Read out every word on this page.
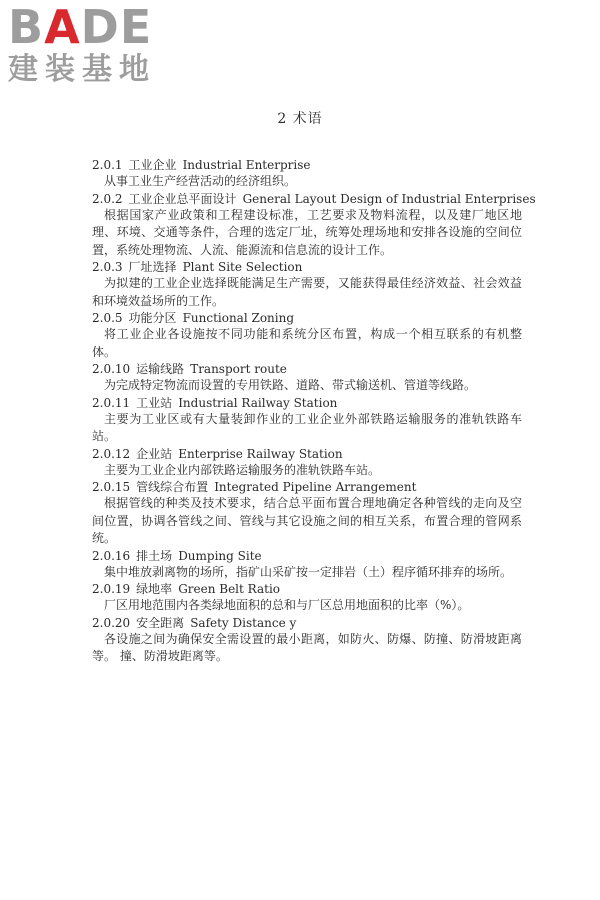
B A DE
建装基地
2 术语
2.0.1 工业企业 Industrial Enterprise
从事工业生产经营活动的经济组织。
2.0.2 工业企业总平面设计 General Layout Design of Industrial Enterprises
根据国家产业政策和工程建设标准，工艺要求及物料流程，以及建厂地区地理、环境、交通等条件，合理的选定厂址，统筹处理场地和安排各设施的空间位置，系统处理物流、人流、能源流和信息流的设计工作。
2.0.3 厂址选择 Plant Site Selection
为拟建的工业企业选择既能满足生产需要，又能获得最佳经济效益、社会效益和环境效益场所的工作。
2.0.5 功能分区 Functional Zoning
将工业企业各设施按不同功能和系统分区布置，构成一个相互联系的有机整体。
2.0.10 运输线路 Transport route
为完成特定物流而设置的专用铁路、道路、带式输送机、管道等线路。
2.0.11 工业站 Industrial Railway Station
主要为工业区或有大量装卸作业的工业企业外部铁路运输服务的准轨铁路车站。
2.0.12 企业站 Enterprise Railway Station
主要为工业企业内部铁路运输服务的准轨铁路车站。
2.0.15 管线综合布置 Integrated Pipeline Arrangement
根据管线的种类及技术要求，结合总平面布置合理地确定各种管线的走向及空间位置，协调各管线之间、管线与其它设施之间的相互关系，布置合理的管网系统。
2.0.16 排土场 Dumping Site
集中堆放剥离物的场所，指矿山采矿按一定排岩（土）程序循环排弃的场所。
2.0.19 绿地率 Green Belt Ratio
厂区用地范围内各类绿地面积的总和与厂区总用地面积的比率（%）。
2.0.20 安全距离 Safety Distance y
各设施之间为确保安全需设置的最小距离，如防火、防爆、防撞、防滑坡距离等。 撞、防滑坡距离等。
